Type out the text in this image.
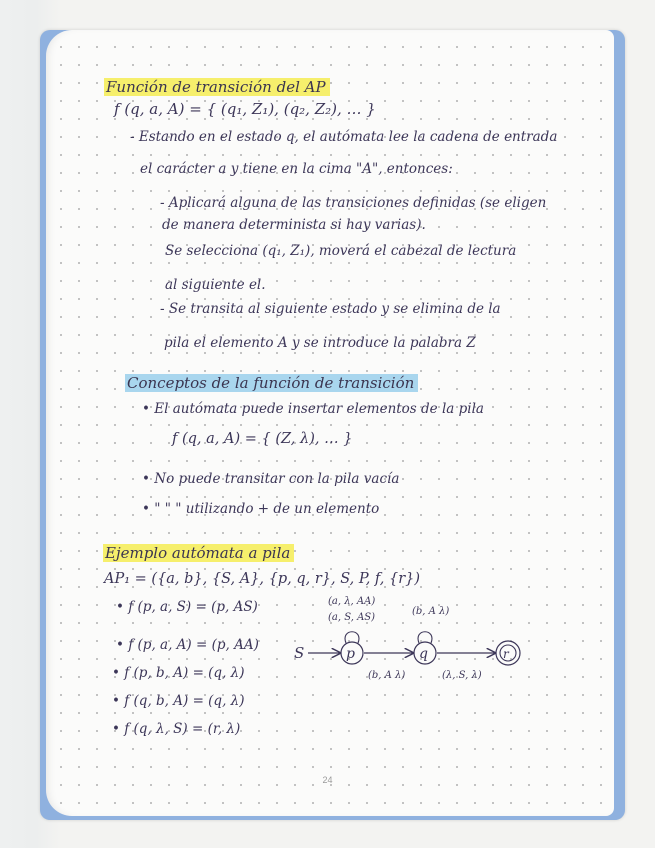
Función de transición del AP
f (q, a, A) = { (q₁, Z₁), (q₂, Z₂), … }
- Estando en el estado q, el autómata lee la cadena de entrada
el carácter a y tiene en la cima "A", entonces:
- Aplicará alguna de las transiciones definidas (se eligen
de manera determinista si hay varias).
Se selecciona (q₁, Z₁), moverá el cabezal de lectura
al siguiente el.
- Se transita al siguiente estado y se elimina de la
pila el elemento A y se introduce la palabra Z
Conceptos de la función de transición
• El autómata puede insertar elementos de la pila
f (q, a, A) = { (Z, λ), … }
• No puede transitar con la pila vacía
• " " " utilizando + de un elemento
Ejemplo autómata a pila
AP₁ = ({a, b}, {S, A}, {p, q, r}, S, P, f, {r})
• f (p, a, S) = (p, AS)
• f (p, a, A) = (p, AA)
• f (p, b, A) = (q, λ)
• f (q, b, A) = (q, λ)
• f (q, λ, S) = (r, λ)
(a, λ, AA)
(a, S, AS)
(b, A λ)
S	p
(b, A λ)
q
(λ, S, λ)
r
24
